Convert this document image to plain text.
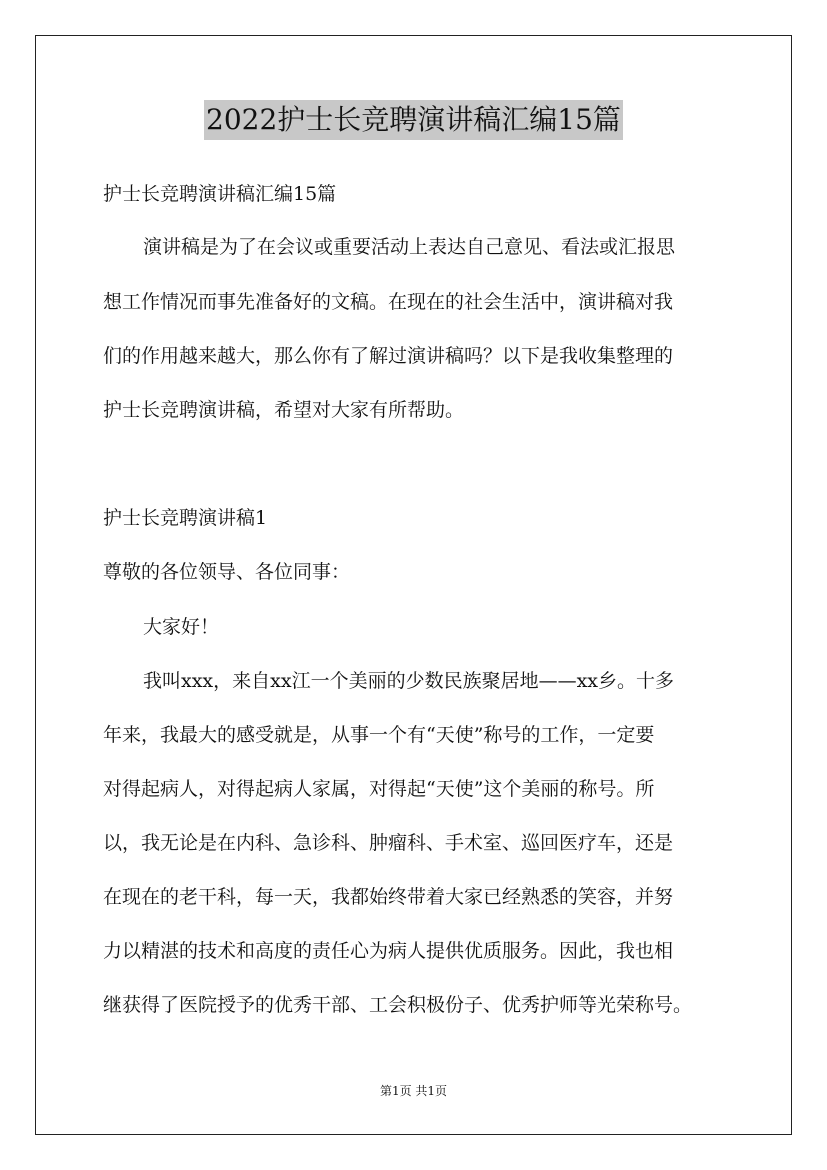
2022护士长竞聘演讲稿汇编15篇
护士长竞聘演讲稿汇编15篇
演讲稿是为了在会议或重要活动上表达自己意见、看法或汇报思
想工作情况而事先准备好的文稿。在现在的社会生活中，演讲稿对我
们的作用越来越大，那么你有了解过演讲稿吗？以下是我收集整理的
护士长竞聘演讲稿，希望对大家有所帮助。
护士长竞聘演讲稿1
尊敬的各位领导、各位同事：
大家好！
我叫xxx，来自xx江一个美丽的少数民族聚居地——xx乡。十多
年来，我最大的感受就是，从事一个有“天使”称号的工作，一定要
对得起病人，对得起病人家属，对得起“天使”这个美丽的称号。所
以，我无论是在内科、急诊科、肿瘤科、手术室、巡回医疗车，还是
在现在的老干科，每一天，我都始终带着大家已经熟悉的笑容，并努
力以精湛的技术和高度的责任心为病人提供优质服务。因此，我也相
继获得了医院授予的优秀干部、工会积极份子、优秀护师等光荣称号。
第1页 共1页
